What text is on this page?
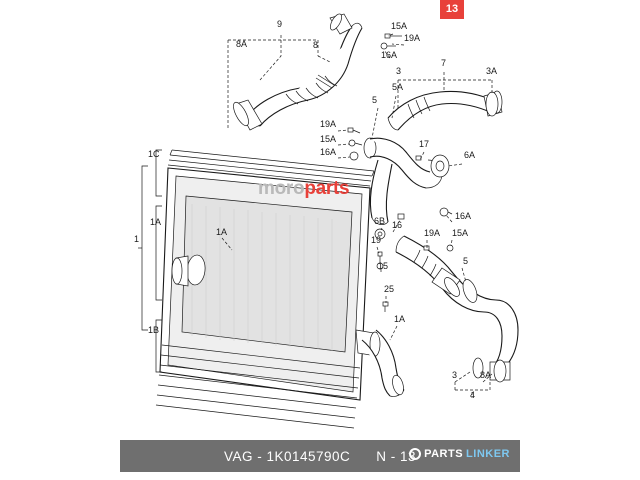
13
9
8A	8
15A
19A
16A
3
7
3A
5
5A
19A
15A
16A
17
6A
1C
1A
1A
1
1B
6B	16A
19
16
19A 15A
15	5
25
1A
3	8A
4
moroparts
VAG - 1K0145790C N - 13 PARTS LINKER
